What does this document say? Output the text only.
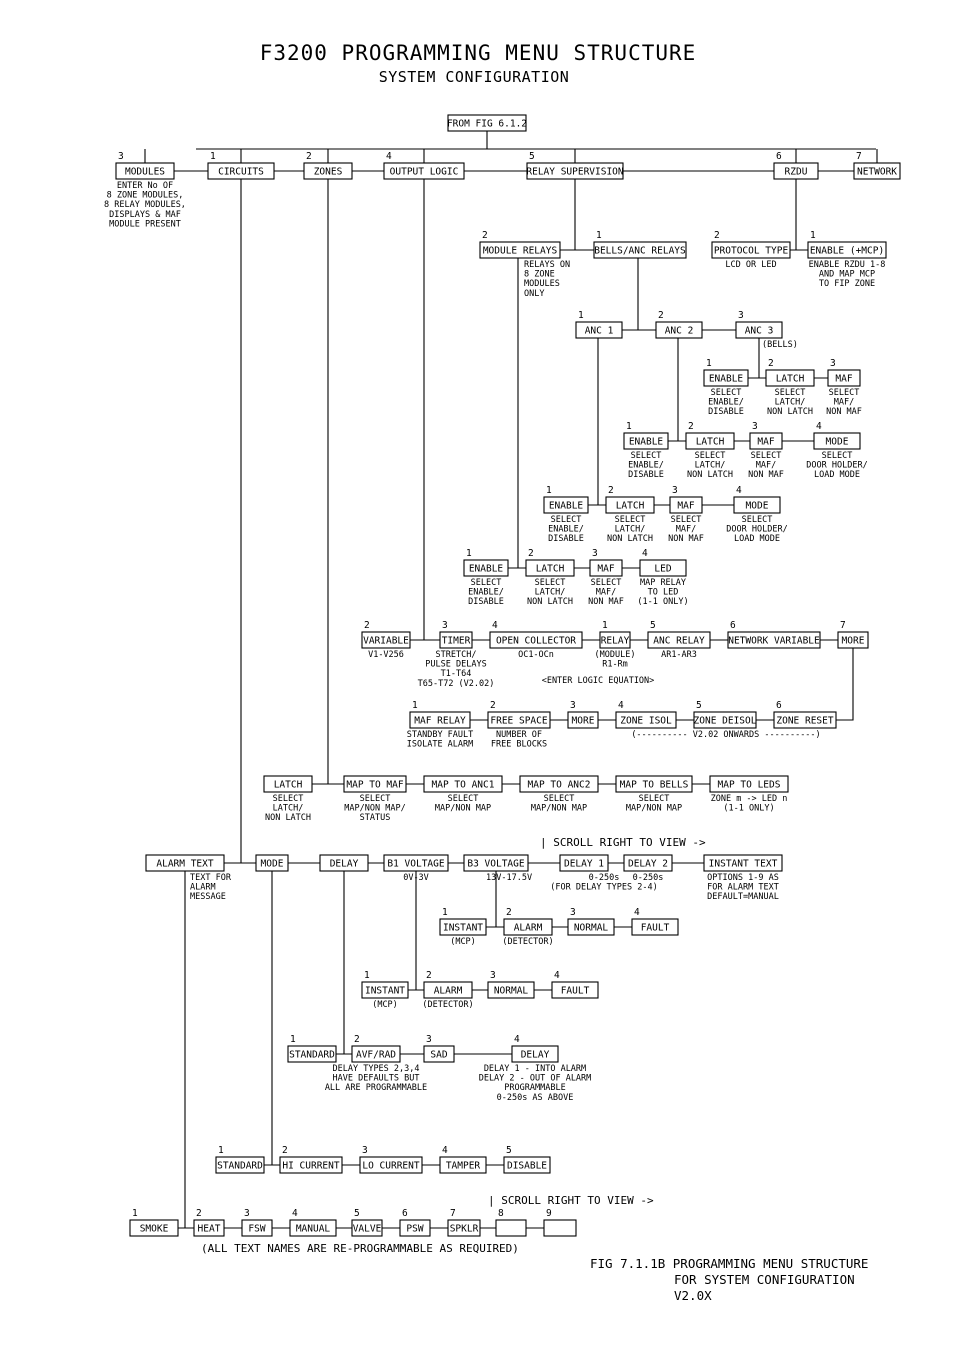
F3200 PROGRAMMING MENU STRUCTURE
SYSTEM CONFIGURATION
FROM FIG 6.1.2
MODULES
3
ENTER No OF
8 ZONE MODULES,
8 RELAY MODULES,
DISPLAYS & MAF
MODULE PRESENT
CIRCUITS
1
ZONES
2
OUTPUT LOGIC
4
RELAY SUPERVISION
5
RZDU
6
NETWORK
7
MODULE RELAYS
2
RELAYS ON
8 ZONE
MODULES
ONLY
BELLS/ANC RELAYS
1
PROTOCOL TYPE
2
LCD OR LED
ENABLE (+MCP)
1
ENABLE RZDU 1-8
AND MAP MCP
TO FIP ZONE
ANC 1
1
ANC 2
2
ANC 3
3
(BELLS)
ENABLE
1
SELECT
ENABLE/
DISABLE
LATCH
2
SELECT
LATCH/
NON LATCH
MAF
3
SELECT
MAF/
NON MAF
ENABLE
1
SELECT
ENABLE/
DISABLE
LATCH
2
SELECT
LATCH/
NON LATCH
MAF
3
SELECT
MAF/
NON MAF
MODE
4
SELECT
DOOR HOLDER/
LOAD MODE
ENABLE
1
SELECT
ENABLE/
DISABLE
LATCH
2
SELECT
LATCH/
NON LATCH
MAF
3
SELECT
MAF/
NON MAF
MODE
4
SELECT
DOOR HOLDER/
LOAD MODE
ENABLE
1
SELECT
ENABLE/
DISABLE
LATCH
2
SELECT
LATCH/
NON LATCH
MAF
3
SELECT
MAF/
NON MAF
LED
4
MAP RELAY
TO LED
(1-1 ONLY)
VARIABLE
2
V1-V256
TIMER
3
STRETCH/
PULSE DELAYS
T1-T64
T65-T72 (V2.02)
OPEN COLLECTOR
4
OC1-OCn
RELAY
1
(MODULE)
R1-Rm
ANC RELAY
5
AR1-AR3
NETWORK VARIABLE
6
MORE
7
MAF RELAY
1
STANDBY FAULT
ISOLATE ALARM
FREE SPACE
2
NUMBER OF
FREE BLOCKS
MORE
3
ZONE ISOL
4
ZONE DEISOL
5
ZONE RESET
6
LATCH
SELECT
LATCH/
NON LATCH
MAP TO MAF
SELECT
MAP/NON MAP/
STATUS
MAP TO ANC1
SELECT
MAP/NON MAP
MAP TO ANC2
SELECT
MAP/NON MAP
MAP TO BELLS
SELECT
MAP/NON MAP
MAP TO LEDS
ZONE m -> LED n
(1-1 ONLY)
ALARM TEXT
TEXT FOR
ALARM
MESSAGE
MODE	DELAY	B1 VOLTAGE
0V-3V
B3 VOLTAGE
13V-17.5V
DELAY 1
0-250s
(FOR DELAY TYPES 2-4)
DELAY 2
0-250s
INSTANT TEXT
OPTIONS 1-9 AS
FOR ALARM TEXT
DEFAULT=MANUAL
INSTANT
1
(MCP)
ALARM
2
(DETECTOR)
NORMAL
3
FAULT
4
INSTANT
1
(MCP)
ALARM
2
(DETECTOR)
NORMAL
3
FAULT
4
STANDARD
1
AVF/RAD
2
DELAY TYPES 2,3,4
HAVE DEFAULTS BUT
ALL ARE PROGRAMMABLE
SAD
3
DELAY
4
DELAY 1 - INTO ALARM
DELAY 2 - OUT OF ALARM
PROGRAMMABLE
0-250s AS ABOVE
STANDARD
1
HI CURRENT
2
LO CURRENT
3
TAMPER
4
DISABLE
5
SMOKE
1
HEAT
2
FSW
3
MANUAL
4
VALVE
5
PSW
6
SPKLR
7	8	9
<ENTER LOGIC EQUATION>
(---------- V2.02 ONWARDS ----------)
| SCROLL RIGHT TO VIEW ->
| SCROLL RIGHT TO VIEW ->
(ALL TEXT NAMES ARE RE-PROGRAMMABLE AS REQUIRED)
FIG 7.1.1B PROGRAMMING MENU STRUCTURE
FOR SYSTEM CONFIGURATION
V2.0X
